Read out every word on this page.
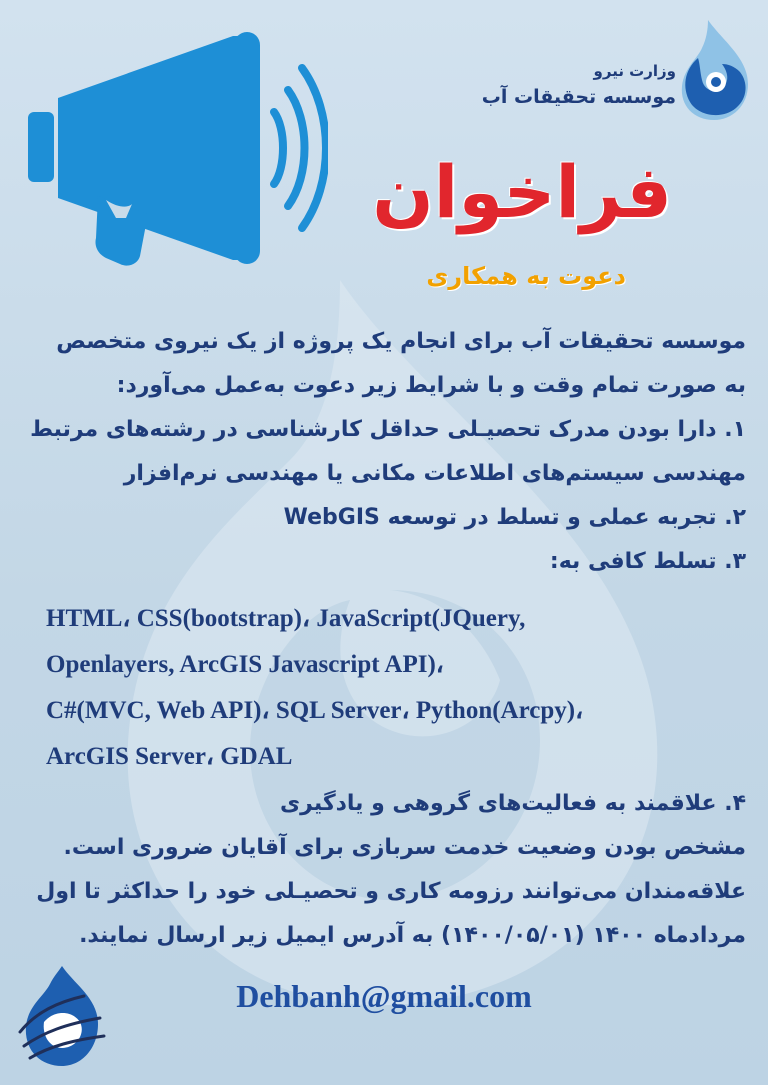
وزارت نیرو
موسسه تحقیقات آب
فراخوان
دعوت به همکاری
موسسه تحقیقات آب برای انجام یک پروژه از یک نیروی متخصص
به صورت تمام وقت و با شرایط زیر دعوت به‌عمل می‌آورد:
۱. دارا بودن مدرک تحصیـلی حداقل کارشناسی در رشته‌های مرتبط
مهندسی سیستم‌های اطلاعات مکانی یا مهندسی نرم‌افزار
۲. تجربه عملی و تسلط در توسعه WebGIS
۳. تسلط کافی به:
HTML، CSS(bootstrap)، JavaScript(JQuery,
Openlayers, ArcGIS Javascript API)،
C#(MVC, Web API)، SQL Server، Python(Arcpy)،
ArcGIS Server، GDAL
۴. علاقمند به فعالیت‌های گروهی و یادگیری
مشخص بودن وضعیت خدمت سربازی برای آقایان ضروری است.
علاقه‌مندان می‌توانند رزومه کاری و تحصیـلی خود را حداکثر تا اول
مردادماه ۱۴۰۰ (۱۴۰۰/۰۵/۰۱) به آدرس ایمیل زیر ارسال نمایند.
Dehbanh@gmail.com
